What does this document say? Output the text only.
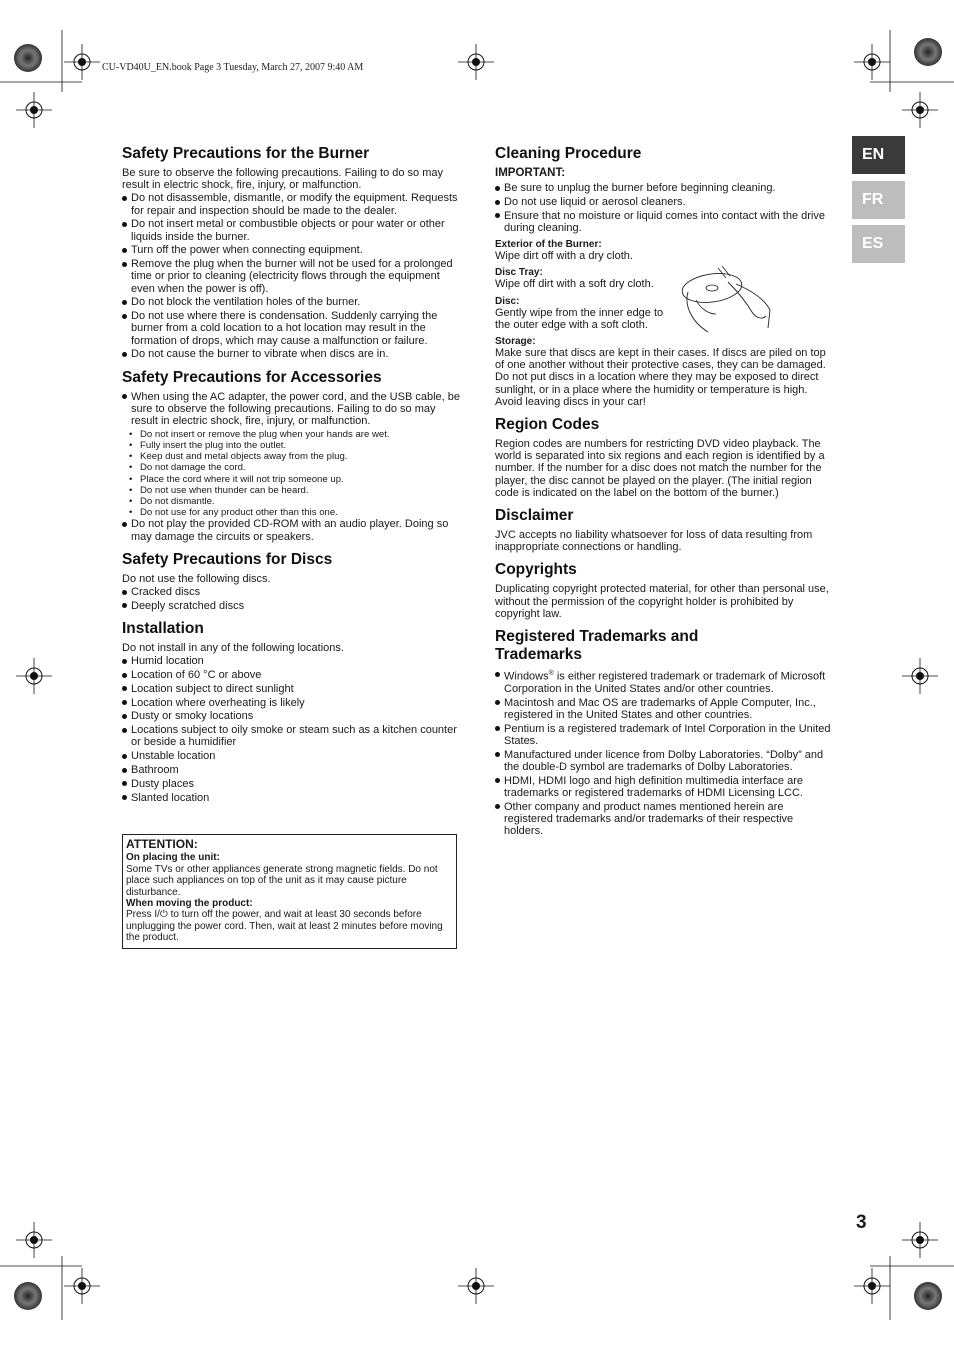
CU-VD40U_EN.book Page 3 Tuesday, March 27, 2007 9:40 AM
EN
FR
ES
Safety Precautions for the Burner

Be sure to observe the following precautions. Failing to do so may result in electric shock, fire, injury, or malfunction.

Do not disassemble, dismantle, or modify the equipment. Requests for repair and inspection should be made to the dealer.
Do not insert metal or combustible objects or pour water or other liquids inside the burner.
Turn off the power when connecting equipment.
Remove the plug when the burner will not be used for a prolonged time or prior to cleaning (electricity flows through the equipment even when the power is off).
Do not block the ventilation holes of the burner.
Do not use where there is condensation. Suddenly carrying the burner from a cold location to a hot location may result in the formation of drops, which may cause a malfunction or failure.
Do not cause the burner to vibrate when discs are in.
Safety Precautions for Accessories
When using the AC adapter, the power cord, and the USB cable, be sure to observe the following precautions. Failing to do so may result in electric shock, fire, injury, or malfunction.
• Do not insert or remove the plug when your hands are wet.
• Fully insert the plug into the outlet.
• Keep dust and metal objects away from the plug.
• Do not damage the cord.
• Place the cord where it will not trip someone up.
• Do not use when thunder can be heard.
• Do not dismantle.
• Do not use for any product other than this one.
Do not play the provided CD-ROM with an audio player. Doing so may damage the circuits or speakers.
Safety Precautions for Discs

Do not use the following discs.

Cracked discs
Deeply scratched discs
Installation

Do not install in any of the following locations.

Humid location
Location of 60 °C or above
Location subject to direct sunlight
Location where overheating is likely
Dusty or smoky locations
Locations subject to oily smoke or steam such as a kitchen counter or beside a humidifier
Unstable location
Bathroom
Dusty places
Slanted location
ATTENTION:
On placing the unit:
Some TVs or other appliances generate strong magnetic fields. Do not place such appliances on top of the unit as it may cause picture disturbance.
When moving the product:
Press I/⏻ to turn off the power, and wait at least 30 seconds before unplugging the power cord. Then, wait at least 2 minutes before moving the product.
Cleaning Procedure
IMPORTANT:
Be sure to unplug the burner before beginning cleaning.
Do not use liquid or aerosol cleaners.
Ensure that no moisture or liquid comes into contact with the drive during cleaning.
Exterior of the Burner:

Wipe dirt off with a dry cloth.

Disc Tray:

Wipe off dirt with a soft dry cloth.

Disc:

Gently wipe from the inner edge to the outer edge with a soft cloth.

Storage:

Make sure that discs are kept in their cases. If discs are piled on top of one another without their protective cases, they can be damaged. Do not put discs in a location where they may be exposed to direct sunlight, or in a place where the humidity or temperature is high. Avoid leaving discs in your car!

Region Codes

Region codes are numbers for restricting DVD video playback. The world is separated into six regions and each region is identified by a number. If the number for a disc does not match the number for the player, the disc cannot be played on the player. (The initial region code is indicated on the label on the bottom of the burner.)

Disclaimer

JVC accepts no liability whatsoever for loss of data resulting from inappropriate connections or handling.

Copyrights

Duplicating copyright protected material, for other than personal use, without the permission of the copyright holder is prohibited by copyright law.

Registered Trademarks and Trademarks
Windows® is either registered trademark or trademark of Microsoft Corporation in the United States and/or other countries.
Macintosh and Mac OS are trademarks of Apple Computer, Inc., registered in the United States and other countries.
Pentium is a registered trademark of Intel Corporation in the United States.
Manufactured under licence from Dolby Laboratories. “Dolby” and the double-D symbol are trademarks of Dolby Laboratories.
HDMI, HDMI logo and high definition multimedia interface are trademarks or registered trademarks of HDMI Licensing LCC.
Other company and product names mentioned herein are registered trademarks and/or trademarks of their respective holders.
3
